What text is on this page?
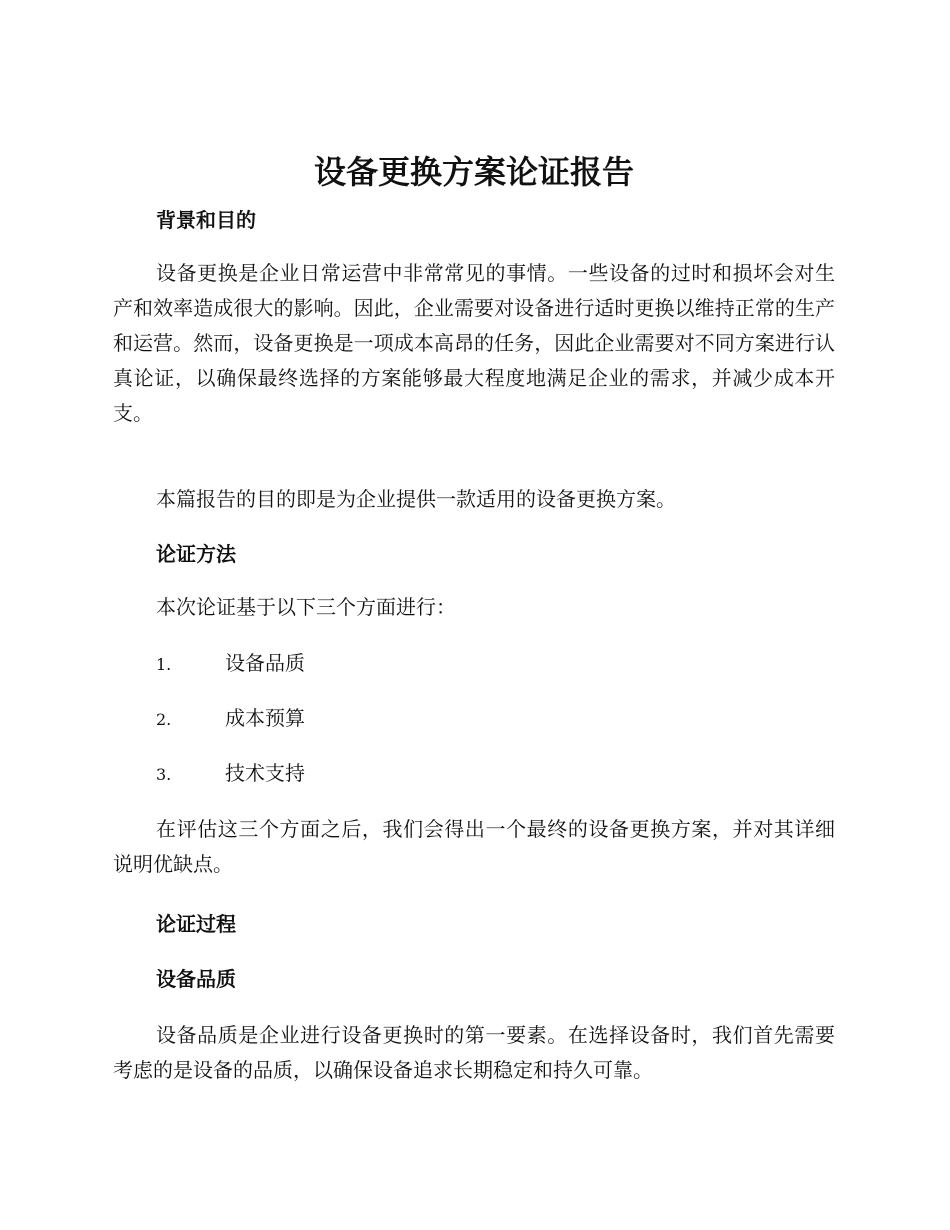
设备更换方案论证报告
背景和目的

设备更换是企业日常运营中非常常见的事情。一些设备的过时和损坏会对生产和效率造成很大的影响。因此，企业需要对设备进行适时更换以维持正常的生产和运营。然而，设备更换是一项成本高昂的任务，因此企业需要对不同方案进行认真论证，以确保最终选择的方案能够最大程度地满足企业的需求，并减少成本开支。

本篇报告的目的即是为企业提供一款适用的设备更换方案。

论证方法

本次论证基于以下三个方面进行：

1.	设备品质
2.	成本预算
3.	技术支持

在评估这三个方面之后，我们会得出一个最终的设备更换方案，并对其详细说明优缺点。

论证过程
设备品质

设备品质是企业进行设备更换时的第一要素。在选择设备时，我们首先需要考虑的是设备的品质，以确保设备追求长期稳定和持久可靠。
